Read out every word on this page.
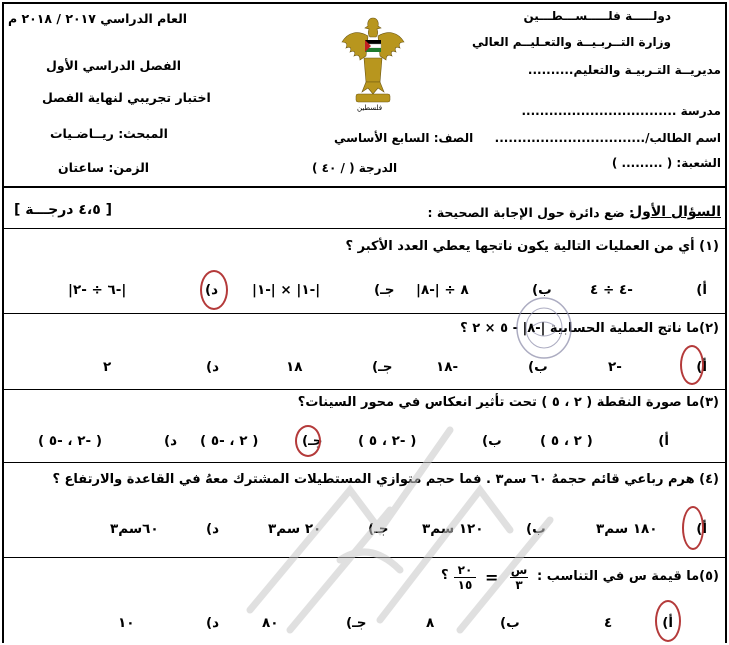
دولـــــة فلـــــســـطـــين
وزارة التــربـيــة والتعـليــم العالي
مديريــة التـربيـة والتعليم..........
مدرسة ..................................
اسم الطالب/.................................
الشعبة: ( ......... )
العام الدراسي ٢٠١٧ / ٢٠١٨ م
الفصل الدراسي الأول
اختبار تجريبي لنهاية الفصل
المبحث: ريــاضـيات
الزمن: ساعتان
فلسطين
الصف: السابع الأساسي
الدرجة ( / ٤٠ )
السؤال الأول
: ضع دائرة حول الإجابة الصحيحة :
[ ٤،٥ درجـــة ]
(١) أي من العمليات التالية يكون ناتجها يعطي العدد الأكبر ؟
أ)
-٤ ÷ ٤
ب)
٨ ÷ |-٨|
جـ)
|-١| × |-١|
د)
|-٦ ÷ -٢|
(٢)ما ناتج العملية الحسابية |-٨| - ٥ × ٢ ؟
أ)
-٢
ب)
-١٨
جـ)
١٨
د)
٢
(٣)ما صورة النقطة ( ٢ ، ٥ ) تحت تأثير انعكاس في محور السينات؟
أ)
( ٢ ، ٥ )
ب)
( -٢ ، ٥ )
جـ)
( ٢ ، -٥ )
د)
( -٢ ، -٥ )
(٤) هرم رباعي قائم حجمهُ ٦٠ سم٣ . فما حجم متوازي المستطيلات المشترك معهُ في القاعدة والارتفاع ؟
أ)
١٨٠ سم٣
ب)
١٢٠ سم٣
جـ)
٢٠ سم٣
د)
٦٠سم٣
(٥)ما قيمة س في التناسب :
س
٣
=
٢٠
١٥
؟
أ)
٤
ب)
٨
جـ)
٨٠
د)
١٠
